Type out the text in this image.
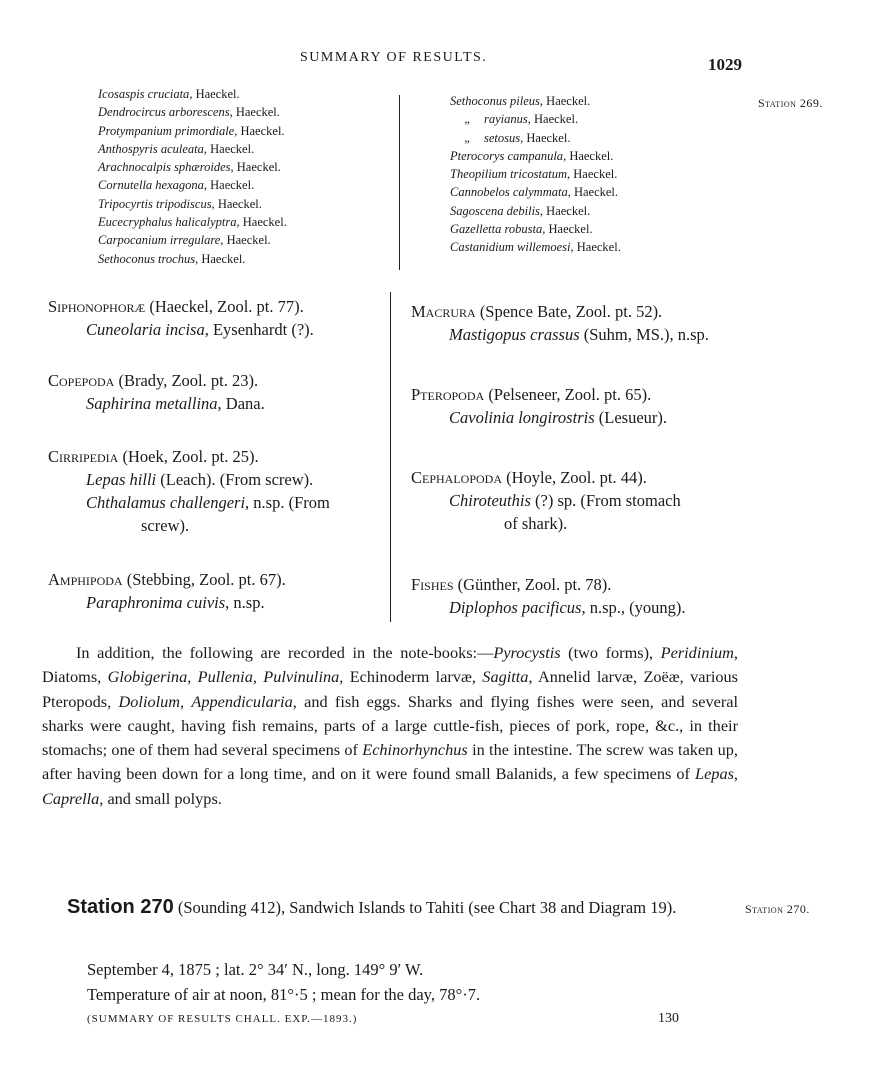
SUMMARY OF RESULTS.	1029
Station 269.
Icosaspis cruciata, Haeckel.
Dendrocircus arborescens, Haeckel.
Protympanium primordiale, Haeckel.
Anthospyris aculeata, Haeckel.
Arachnocalpis sphæroides, Haeckel.
Cornutella hexagona, Haeckel.
Tripocyrtis tripodiscus, Haeckel.
Eucecryphalus halicalyptra, Haeckel.
Carpocanium irregulare, Haeckel.
Sethoconus trochus, Haeckel.
Sethoconus pileus, Haeckel.
„ rayianus, Haeckel.
„ setosus, Haeckel.
Pterocorys campanula, Haeckel.
Theopilium tricostatum, Haeckel.
Cannobelos calymmata, Haeckel.
Sagoscena debilis, Haeckel.
Gazelletta robusta, Haeckel.
Castanidium willemoesi, Haeckel.
Siphonophoræ (Haeckel, Zool. pt. 77).
Cuneolaria incisa, Eysenhardt (?).
Copepoda (Brady, Zool. pt. 23).
Saphirina metallina, Dana.
Cirripedia (Hoek, Zool. pt. 25).
Lepas hilli (Leach). (From screw).
Chthalamus challengeri, n.sp. (From
screw).
Amphipoda (Stebbing, Zool. pt. 67).
Paraphronima cuivis, n.sp.
Macrura (Spence Bate, Zool. pt. 52).
Mastigopus crassus (Suhm, MS.), n.sp.
Pteropoda (Pelseneer, Zool. pt. 65).
Cavolinia longirostris (Lesueur).
Cephalopoda (Hoyle, Zool. pt. 44).
Chiroteuthis (?) sp. (From stomach
of shark).
Fishes (Günther, Zool. pt. 78).
Diplophos pacificus, n.sp., (young).

In addition, the following are recorded in the note-books:—Pyrocystis (two forms), Peridinium, Diatoms, Globigerina, Pullenia, Pulvinulina, Echinoderm larvæ, Sagitta, Annelid larvæ, Zoëæ, various Pteropods, Doliolum, Appendicularia, and fish eggs. Sharks and flying fishes were seen, and several sharks were caught, having fish remains, parts of a large cuttle-fish, pieces of pork, rope, &c., in their stomachs; one of them had several specimens of Echinorhynchus in the intestine. The screw was taken up, after having been down for a long time, and on it were found small Balanids, a few specimens of Lepas, Caprella, and small polyps.

Station 270 (Sounding 412), Sandwich Islands to Tahiti (see Chart 38 and Diagram 19).	Station 270.
September 4, 1875 ; lat. 2° 34′ N., long. 149° 9′ W.
Temperature of air at noon, 81°·5 ; mean for the day, 78°·7.
(SUMMARY OF RESULTS CHALL. EXP.—1893.)	130
